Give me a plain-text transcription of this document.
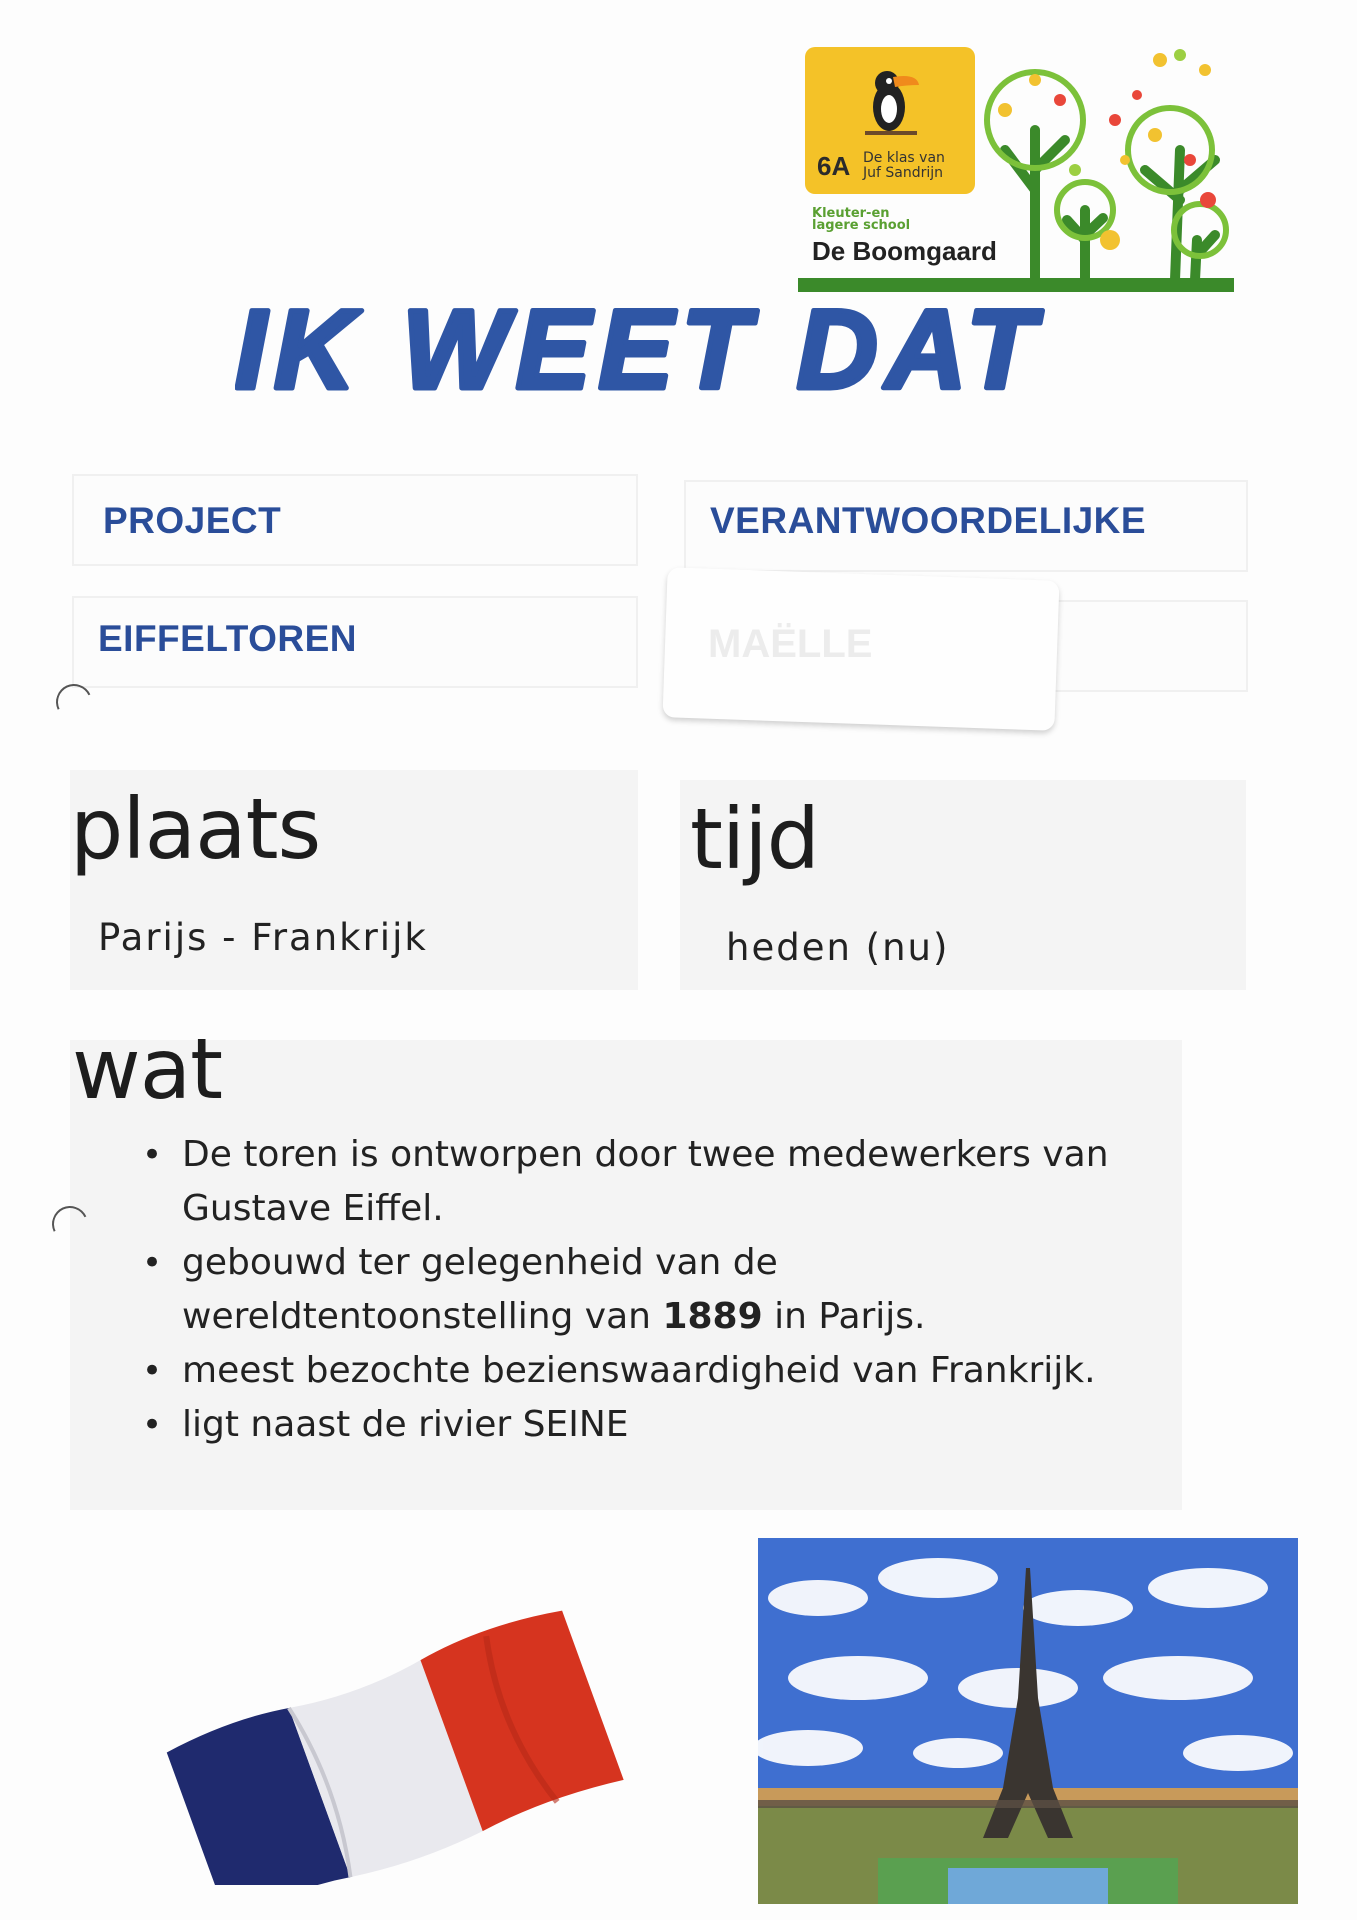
6A De klas van
Juf Sandrijn
Kleuter-en
lagere school
De Boomgaard
IK WEET DAT
PROJECT	VERANTWOORDELIJKE
EIFFELTOREN	MAËLLE
plaats
Parijs - Frankrijk
tijd
heden (nu)
wat
• De toren is ontworpen door twee medewerkers van Gustave Eiffel.
• gebouwd ter gelegenheid van de wereldtentoonstelling van 1889 in Parijs.
• meest bezochte bezienswaardigheid van Frankrijk.
• ligt naast de rivier SEINE
